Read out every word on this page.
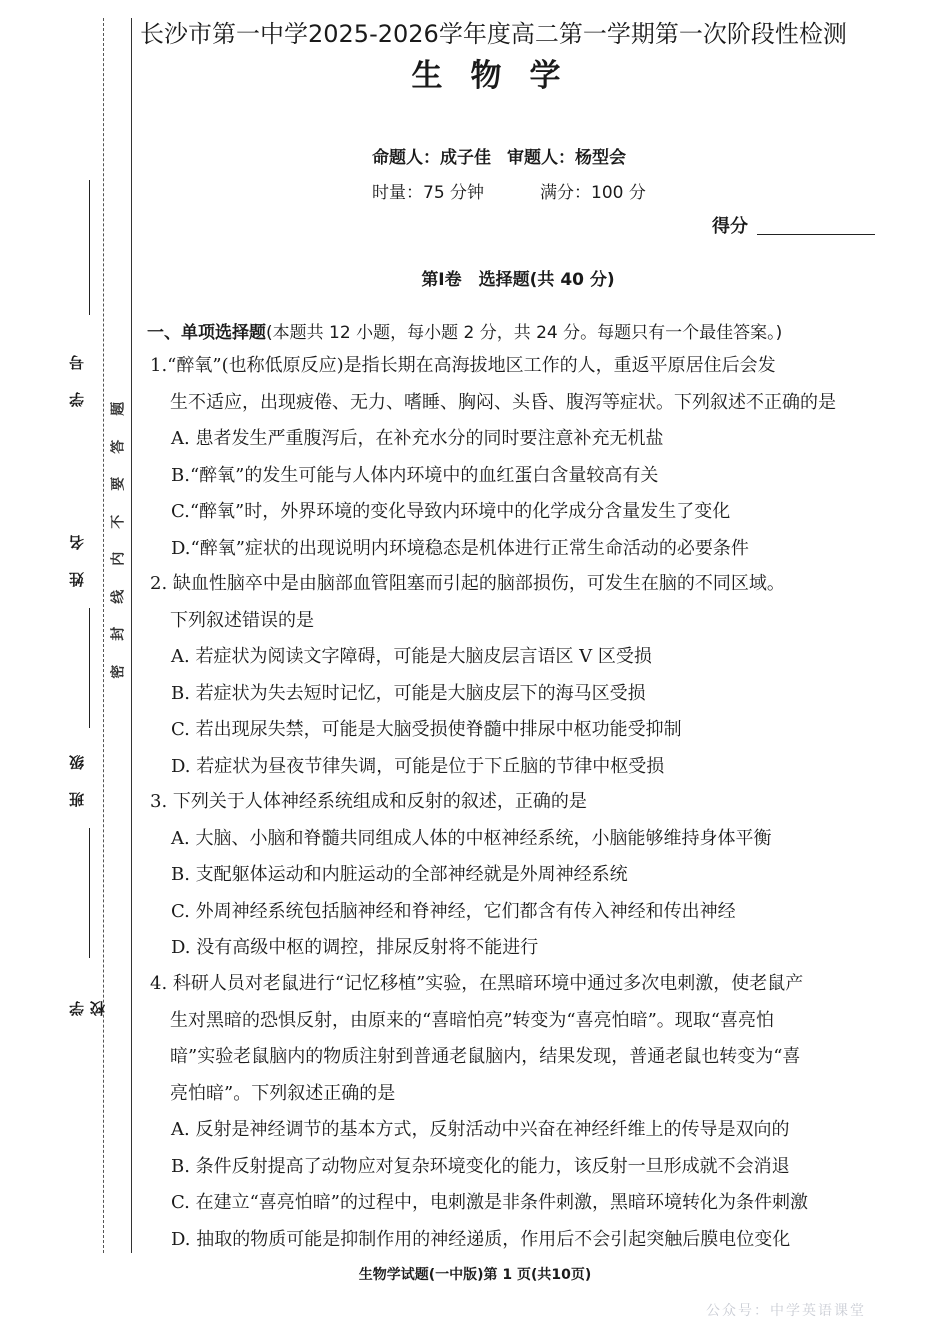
学号
姓名
班级
学校
题
答
要
不
内
线
封
密
长沙市第一中学2025-2026学年度高二第一学期第一次阶段性检测
生物学
命题人：成子佳 审题人：杨型会
时量：75 分钟	满分：100 分
得分
第Ⅰ卷　选择题(共 40 分)
一、单项选择题(本题共 12 小题，每小题 2 分，共 24 分。每题只有一个最佳答案。)
1.“醉氧”(也称低原反应)是指长期在高海拔地区工作的人，重返平原居住后会发
生不适应，出现疲倦、无力、嗜睡、胸闷、头昏、腹泻等症状。下列叙述不正确的是
A. 患者发生严重腹泻后，在补充水分的同时要注意补充无机盐
B.“醉氧”的发生可能与人体内环境中的血红蛋白含量较高有关
C.“醉氧”时，外界环境的变化导致内环境中的化学成分含量发生了变化
D.“醉氧”症状的出现说明内环境稳态是机体进行正常生命活动的必要条件
2. 缺血性脑卒中是由脑部血管阻塞而引起的脑部损伤，可发生在脑的不同区域。
下列叙述错误的是
A. 若症状为阅读文字障碍，可能是大脑皮层言语区 V 区受损
B. 若症状为失去短时记忆，可能是大脑皮层下的海马区受损
C. 若出现尿失禁，可能是大脑受损使脊髓中排尿中枢功能受抑制
D. 若症状为昼夜节律失调，可能是位于下丘脑的节律中枢受损
3. 下列关于人体神经系统组成和反射的叙述，正确的是
A. 大脑、小脑和脊髓共同组成人体的中枢神经系统，小脑能够维持身体平衡
B. 支配躯体运动和内脏运动的全部神经就是外周神经系统
C. 外周神经系统包括脑神经和脊神经，它们都含有传入神经和传出神经
D. 没有高级中枢的调控，排尿反射将不能进行
4. 科研人员对老鼠进行“记忆移植”实验，在黑暗环境中通过多次电刺激，使老鼠产
生对黑暗的恐惧反射，由原来的“喜暗怕亮”转变为“喜亮怕暗”。现取“喜亮怕
暗”实验老鼠脑内的物质注射到普通老鼠脑内，结果发现，普通老鼠也转变为“喜
亮怕暗”。下列叙述正确的是
A. 反射是神经调节的基本方式，反射活动中兴奋在神经纤维上的传导是双向的
B. 条件反射提高了动物应对复杂环境变化的能力，该反射一旦形成就不会消退
C. 在建立“喜亮怕暗”的过程中，电刺激是非条件刺激，黑暗环境转化为条件刺激
D. 抽取的物质可能是抑制作用的神经递质，作用后不会引起突触后膜电位变化
生物学试题(一中版)第 1 页(共10页)
公众号：中学英语课堂
